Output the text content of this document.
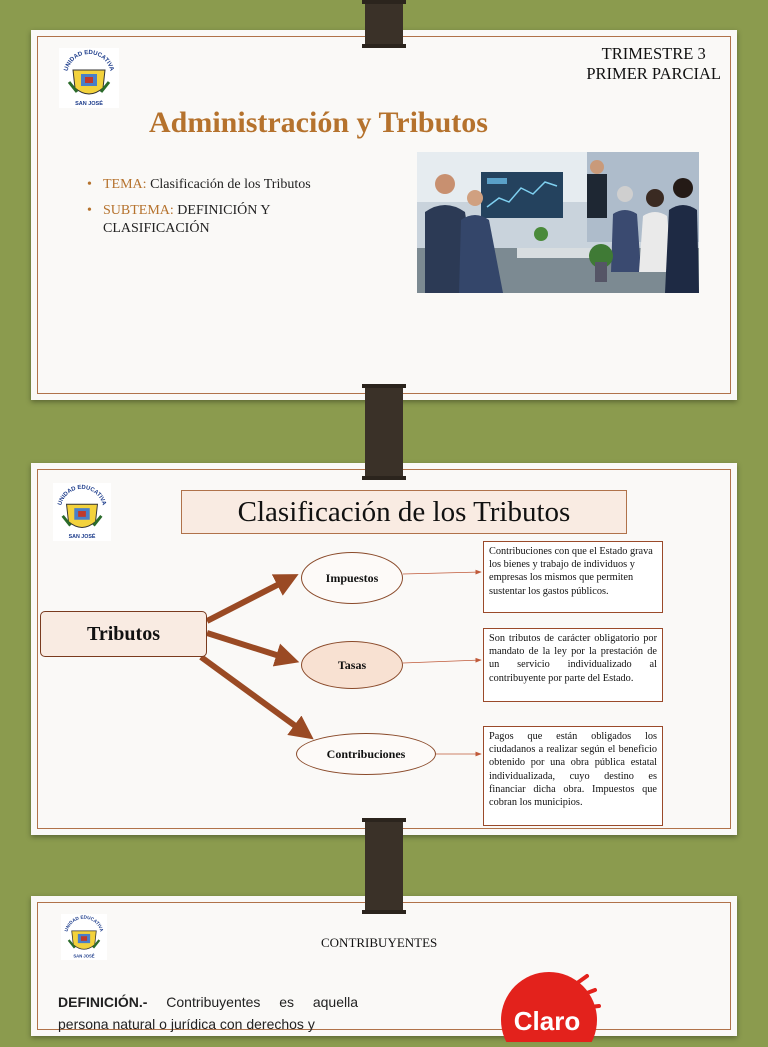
UNIDAD EDUCATIVA
SAN JOSÉ
TRIMESTRE 3
PRIMER PARCIAL
Administración y Tributos
• TEMA: Clasificación de los Tributos
• SUBTEMA: DEFINICIÓN Y CLASIFICACIÓN
UNIDAD EDUCATIVA
SAN JOSÉ
Clasificación de los Tributos
Tributos
Impuestos
Tasas
Contribuciones
Contribuciones con que el Estado grava los bienes y trabajo de individuos y empresas los mismos que permiten sustentar los gastos públicos.
Son tributos de carácter obligatorio por mandato de la ley por la prestación de un servicio individualizado al contribuyente por parte del Estado.
Pagos que están obligados los ciudadanos a realizar según el beneficio obtenido por una obra pública estatal individualizada, cuyo destino es financiar dicha obra. Impuestos que cobran los municipios.
UNIDAD EDUCATIVA
SAN JOSÉ
CONTRIBUYENTES
DEFINICIÓN.- Contribuyentes es aquella persona natural o jurídica con derechos y	Claro
